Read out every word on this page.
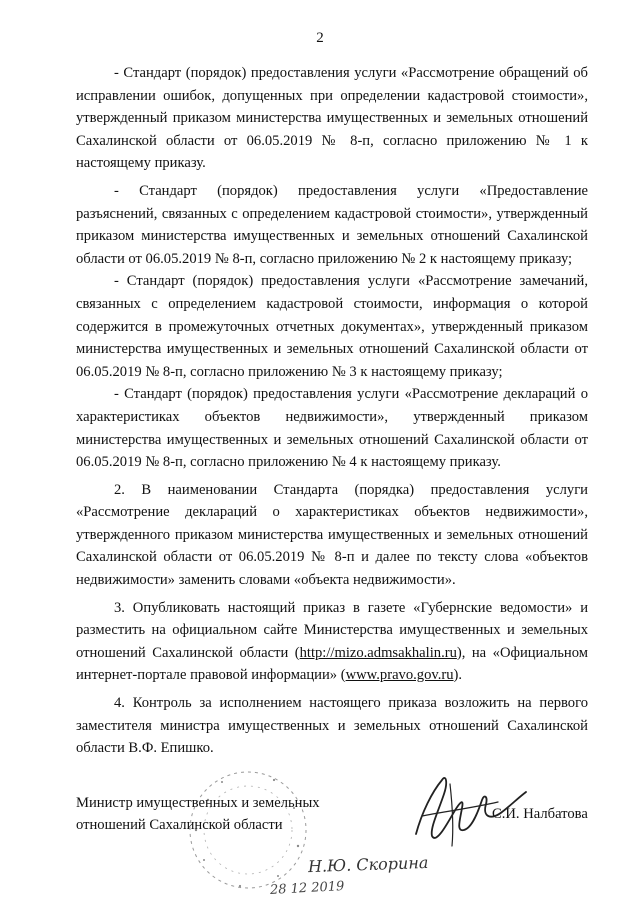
2

- Стандарт (порядок) предоставления услуги «Рассмотрение обращений об исправлении ошибок, допущенных при определении кадастровой стоимости», утвержденный приказом министерства имущественных и земельных отношений Сахалинской области от 06.05.2019 № 8-п, согласно приложению № 1 к настоящему приказу.

- Стандарт (порядок) предоставления услуги «Предоставление разъяснений, связанных с определением кадастровой стоимости», утвержденный приказом министерства имущественных и земельных отношений Сахалинской области от 06.05.2019 № 8-п, согласно приложению № 2 к настоящему приказу;

- Стандарт (порядок) предоставления услуги «Рассмотрение замечаний, связанных с определением кадастровой стоимости, информация о которой содержится в промежуточных отчетных документах», утвержденный приказом министерства имущественных и земельных отношений Сахалинской области от 06.05.2019 № 8-п, согласно приложению № 3 к настоящему приказу;

- Стандарт (порядок) предоставления услуги «Рассмотрение деклараций о характеристиках объектов недвижимости», утвержденный приказом министерства имущественных и земельных отношений Сахалинской области от 06.05.2019 № 8-п, согласно приложению № 4 к настоящему приказу.

2. В наименовании Стандарта (порядка) предоставления услуги «Рассмотрение деклараций о характеристиках объектов недвижимости», утвержденного приказом министерства имущественных и земельных отношений Сахалинской области от 06.05.2019 № 8-п и далее по тексту слова «объектов недвижимости» заменить словами «объекта недвижимости».

3. Опубликовать настоящий приказ в газете «Губернские ведомости» и разместить на официальном сайте Министерства имущественных и земельных отношений Сахалинской области (http://mizo.admsakhalin.ru), на «Официальном интернет-портале правовой информации» (www.pravo.gov.ru).

4. Контроль за исполнением настоящего приказа возложить на первого заместителя министра имущественных и земельных отношений Сахалинской области В.Ф. Епишко.

Министр имущественных и земельных отношений Сахалинской области
С.И. Налбатова
Н.Ю. Скорина
28 12 2019
